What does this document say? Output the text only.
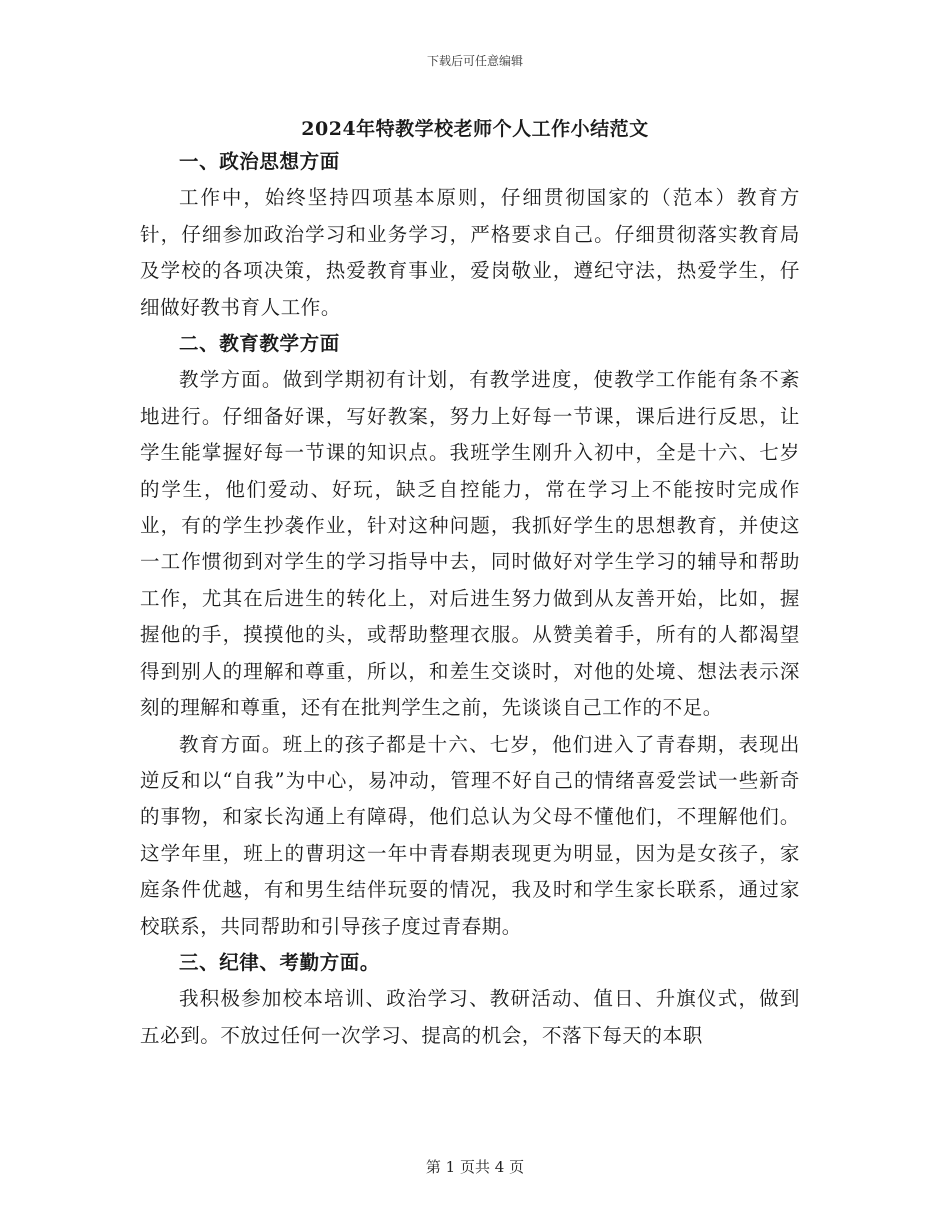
下载后可任意编辑
2024年特教学校老师个人工作小结范文
一、政治思想方面

工作中，始终坚持四项基本原则，仔细贯彻国家的（范本）教育方针，仔细参加政治学习和业务学习，严格要求自己。仔细贯彻落实教育局及学校的各项决策，热爱教育事业，爱岗敬业，遵纪守法，热爱学生，仔细做好教书育人工作。

二、教育教学方面

教学方面。做到学期初有计划，有教学进度，使教学工作能有条不紊地进行。仔细备好课，写好教案，努力上好每一节课，课后进行反思，让学生能掌握好每一节课的知识点。我班学生刚升入初中，全是十六、七岁的学生，他们爱动、好玩，缺乏自控能力，常在学习上不能按时完成作业，有的学生抄袭作业，针对这种问题，我抓好学生的思想教育，并使这一工作惯彻到对学生的学习指导中去，同时做好对学生学习的辅导和帮助工作，尤其在后进生的转化上，对后进生努力做到从友善开始，比如，握握他的手，摸摸他的头，或帮助整理衣服。从赞美着手，所有的人都渴望得到别人的理解和尊重，所以，和差生交谈时，对他的处境、想法表示深刻的理解和尊重，还有在批判学生之前，先谈谈自己工作的不足。

教育方面。班上的孩子都是十六、七岁，他们进入了青春期，表现出逆反和以“自我”为中心，易冲动，管理不好自己的情绪喜爱尝试一些新奇的事物，和家长沟通上有障碍，他们总认为父母不懂他们，不理解他们。这学年里，班上的曹玥这一年中青春期表现更为明显，因为是女孩子，家庭条件优越，有和男生结伴玩耍的情况，我及时和学生家长联系，通过家校联系，共同帮助和引导孩子度过青春期。

三、纪律、考勤方面。

我积极参加校本培训、政治学习、教研活动、值日、升旗仪式，做到五必到。不放过任何一次学习、提高的机会，不落下每天的本职

第 1 页共 4 页
